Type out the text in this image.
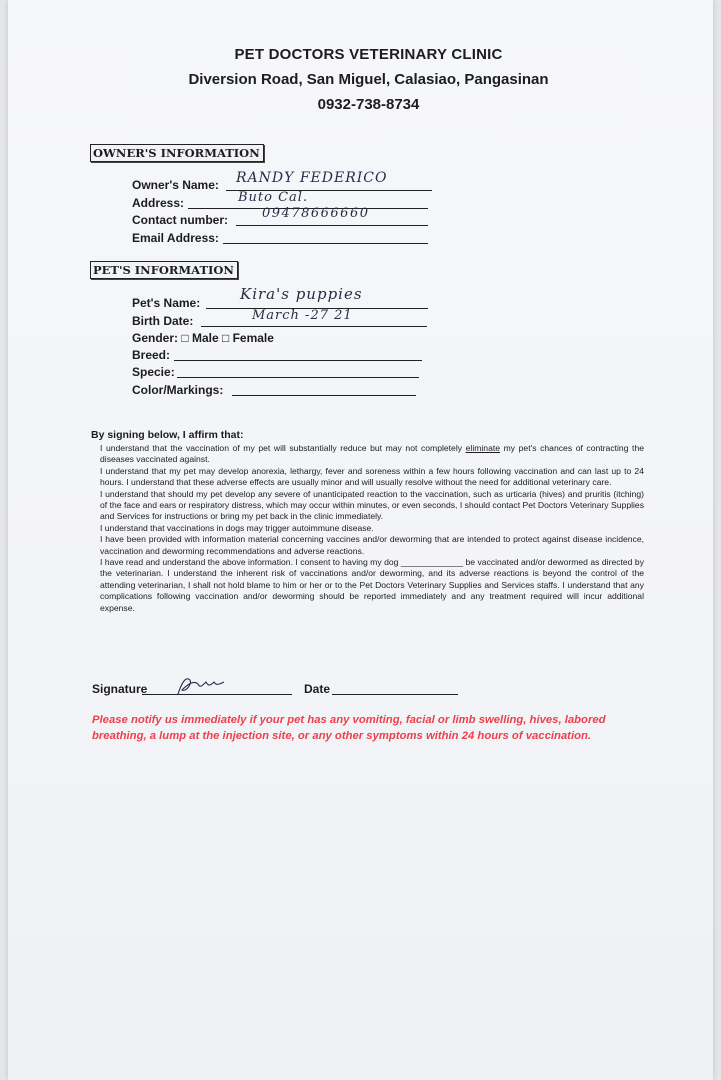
PET DOCTORS VETERINARY CLINIC
Diversion Road, San Miguel, Calasiao, Pangasinan
0932-738-8734
OWNER'S INFORMATION
Owner's Name: RANDY FEDERICO
Address:	Buto Cal.
Contact number:	09478666660
Email Address:
PET'S INFORMATION
Pet's Name:	Kira's puppies
Birth Date:	March -27 21
Gender: □ Male □ Female
Breed:
Specie:
Color/Markings:
By signing below, I affirm that:
I understand that the vaccination of my pet will substantially reduce but may not completely eliminate my pet's chances of contracting the diseases vaccinated against.
I understand that my pet may develop anorexia, lethargy, fever and soreness within a few hours following vaccination and can last up to 24 hours. I understand that these adverse effects are usually minor and will usually resolve without the need for additional veterinary care.
I understand that should my pet develop any severe of unanticipated reaction to the vaccination, such as urticaria (hives) and pruritis (itching) of the face and ears or respiratory distress, which may occur within minutes, or even seconds, I should contact Pet Doctors Veterinary Supplies and Services for instructions or bring my pet back in the clinic immediately.
I understand that vaccinations in dogs may trigger autoimmune disease.
I have been provided with information material concerning vaccines and/or deworming that are intended to protect against disease incidence, vaccination and deworming recommendations and adverse reactions.
I have read and understand the above information. I consent to having my dog _____________ be vaccinated and/or dewormed as directed by the veterinarian. I understand the inherent risk of vaccinations and/or deworming, and its adverse reactions is beyond the control of the attending veterinarian, I shall not hold blame to him or her or to the Pet Doctors Veterinary Supplies and Services staffs. I understand that any complications following vaccination and/or deworming should be reported immediately and any treatment required will incur additional expense.
Signature	Date
Please notify us immediately if your pet has any vomiting, facial or limb swelling, hives, labored breathing, a lump at the injection site, or any other symptoms within 24 hours of vaccination.
